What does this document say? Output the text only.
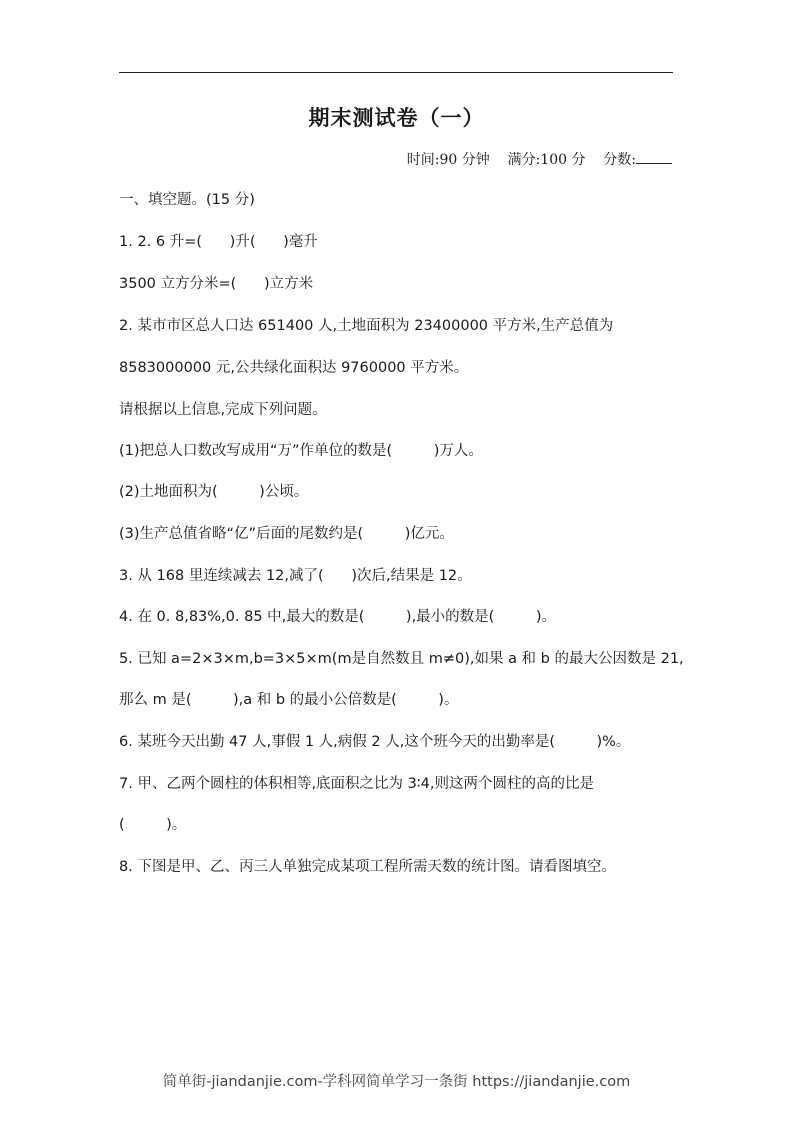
期末测试卷（一）
时间:90 分钟 满分:100 分 分数:
一、填空题。(15 分)
1. 2. 6 升=(      )升(      )毫升
3500 立方分米=(      )立方米
2. 某市市区总人口达 651400 人,土地面积为 23400000 平方米,生产总值为
8583000000 元,公共绿化面积达 9760000 平方米。
请根据以上信息,完成下列问题。
(1)把总人口数改写成用“万”作单位的数是(         )万人。
(2)土地面积为(         )公顷。
(3)生产总值省略“亿”后面的尾数约是(         )亿元。
3. 从 168 里连续减去 12,减了(      )次后,结果是 12。
4. 在 0. 8,83%,0. 85 中,最大的数是(         ),最小的数是(         )。
5. 已知 a=2×3×m,b=3×5×m(m是自然数且 m≠0),如果 a 和 b 的最大公因数是 21,
那么 m 是(         ),a 和 b 的最小公倍数是(         )。
6. 某班今天出勤 47 人,事假 1 人,病假 2 人,这个班今天的出勤率是(         )%。
7. 甲、乙两个圆柱的体积相等,底面积之比为 3∶4,则这两个圆柱的高的比是
(         )。
8. 下图是甲、乙、丙三人单独完成某项工程所需天数的统计图。请看图填空。
简单街-jiandanjie.com-学科网简单学习一条街 https://jiandanjie.com
